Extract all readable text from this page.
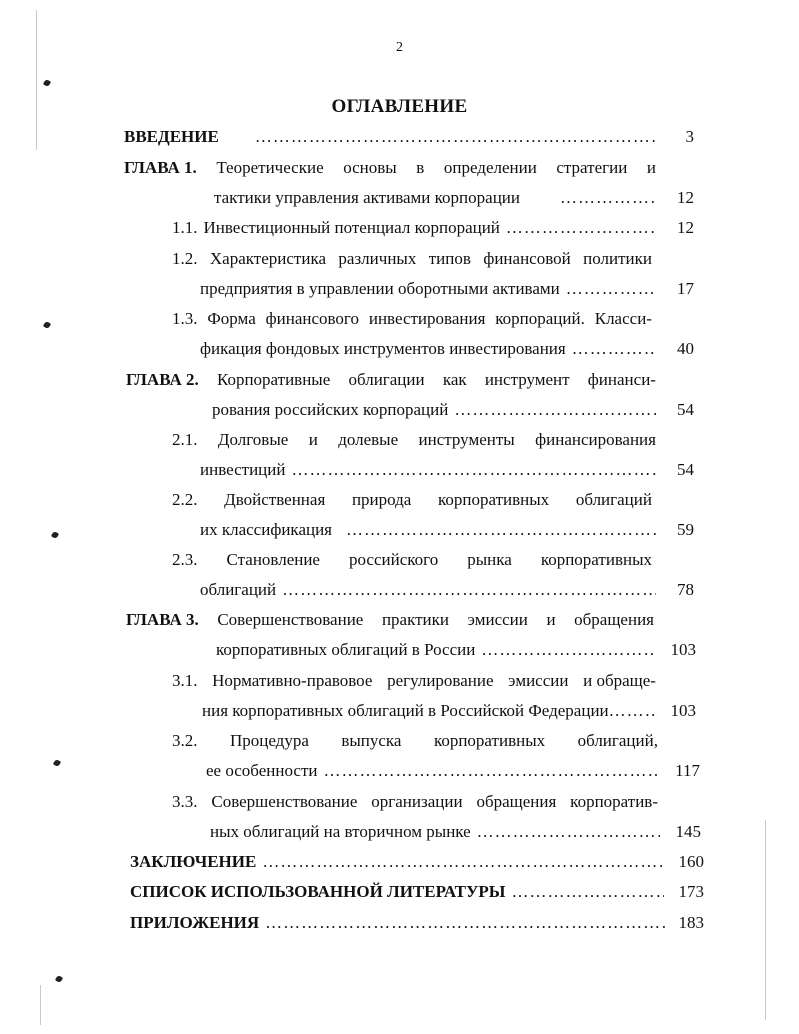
2
ОГЛАВЛЕНИЕ
ВВЕДЕНИЕ …………………………………………………………………………………………………………………………………………………………	3
ГЛАВА 1. Теоретические основы в определении стратегии и
тактики управления активами корпорации …………………………………………………………………………………………………………………………………………………………	12
1.1. Инвестиционный потенциал корпораций …………………………………………………………………………………………………………………………………………………………	12
1.2. Характеристика различных типов финансовой политики
предприятия в управлении оборотными активами …………………………………………………………………………………………………………………………………………………………	17
1.3. Форма финансового инвестирования корпораций. Класси-
фикация фондовых инструментов инвестирования …………………………………………………………………………………………………………………………………………………………	40
ГЛАВА 2. Корпоративные облигации как инструмент финанси-
рования российских корпораций …………………………………………………………………………………………………………………………………………………………	54
2.1. Долговые и долевые инструменты финансирования
инвестиций …………………………………………………………………………………………………………………………………………………………	54
2.2. Двойственная природа корпоративных облигаций
их классификация …………………………………………………………………………………………………………………………………………………………	59
2.3. Становление российского рынка корпоративных
облигаций …………………………………………………………………………………………………………………………………………………………	78
ГЛАВА 3. Совершенствование практики эмиссии и обращения
корпоративных облигаций в России …………………………………………………………………………………………………………………………………………………………	103
3.1. Нормативно-правовое регулирование эмиссии и обраще-
ния корпоративных облигаций в Российской Федерации …………………………………………………………………………………………………………………………………………………………	103
3.2. Процедура выпуска корпоративных облигаций,
ее особенности …………………………………………………………………………………………………………………………………………………………	117
3.3. Совершенствование организации обращения корпоратив-
ных облигаций на вторичном рынке …………………………………………………………………………………………………………………………………………………………	145
ЗАКЛЮЧЕНИЕ …………………………………………………………………………………………………………………………………………………………	160
СПИСОК ИСПОЛЬЗОВАННОЙ ЛИТЕРАТУРЫ …………………………………………………………………………………………………………………………………………………………	173
ПРИЛОЖЕНИЯ …………………………………………………………………………………………………………………………………………………………	183
